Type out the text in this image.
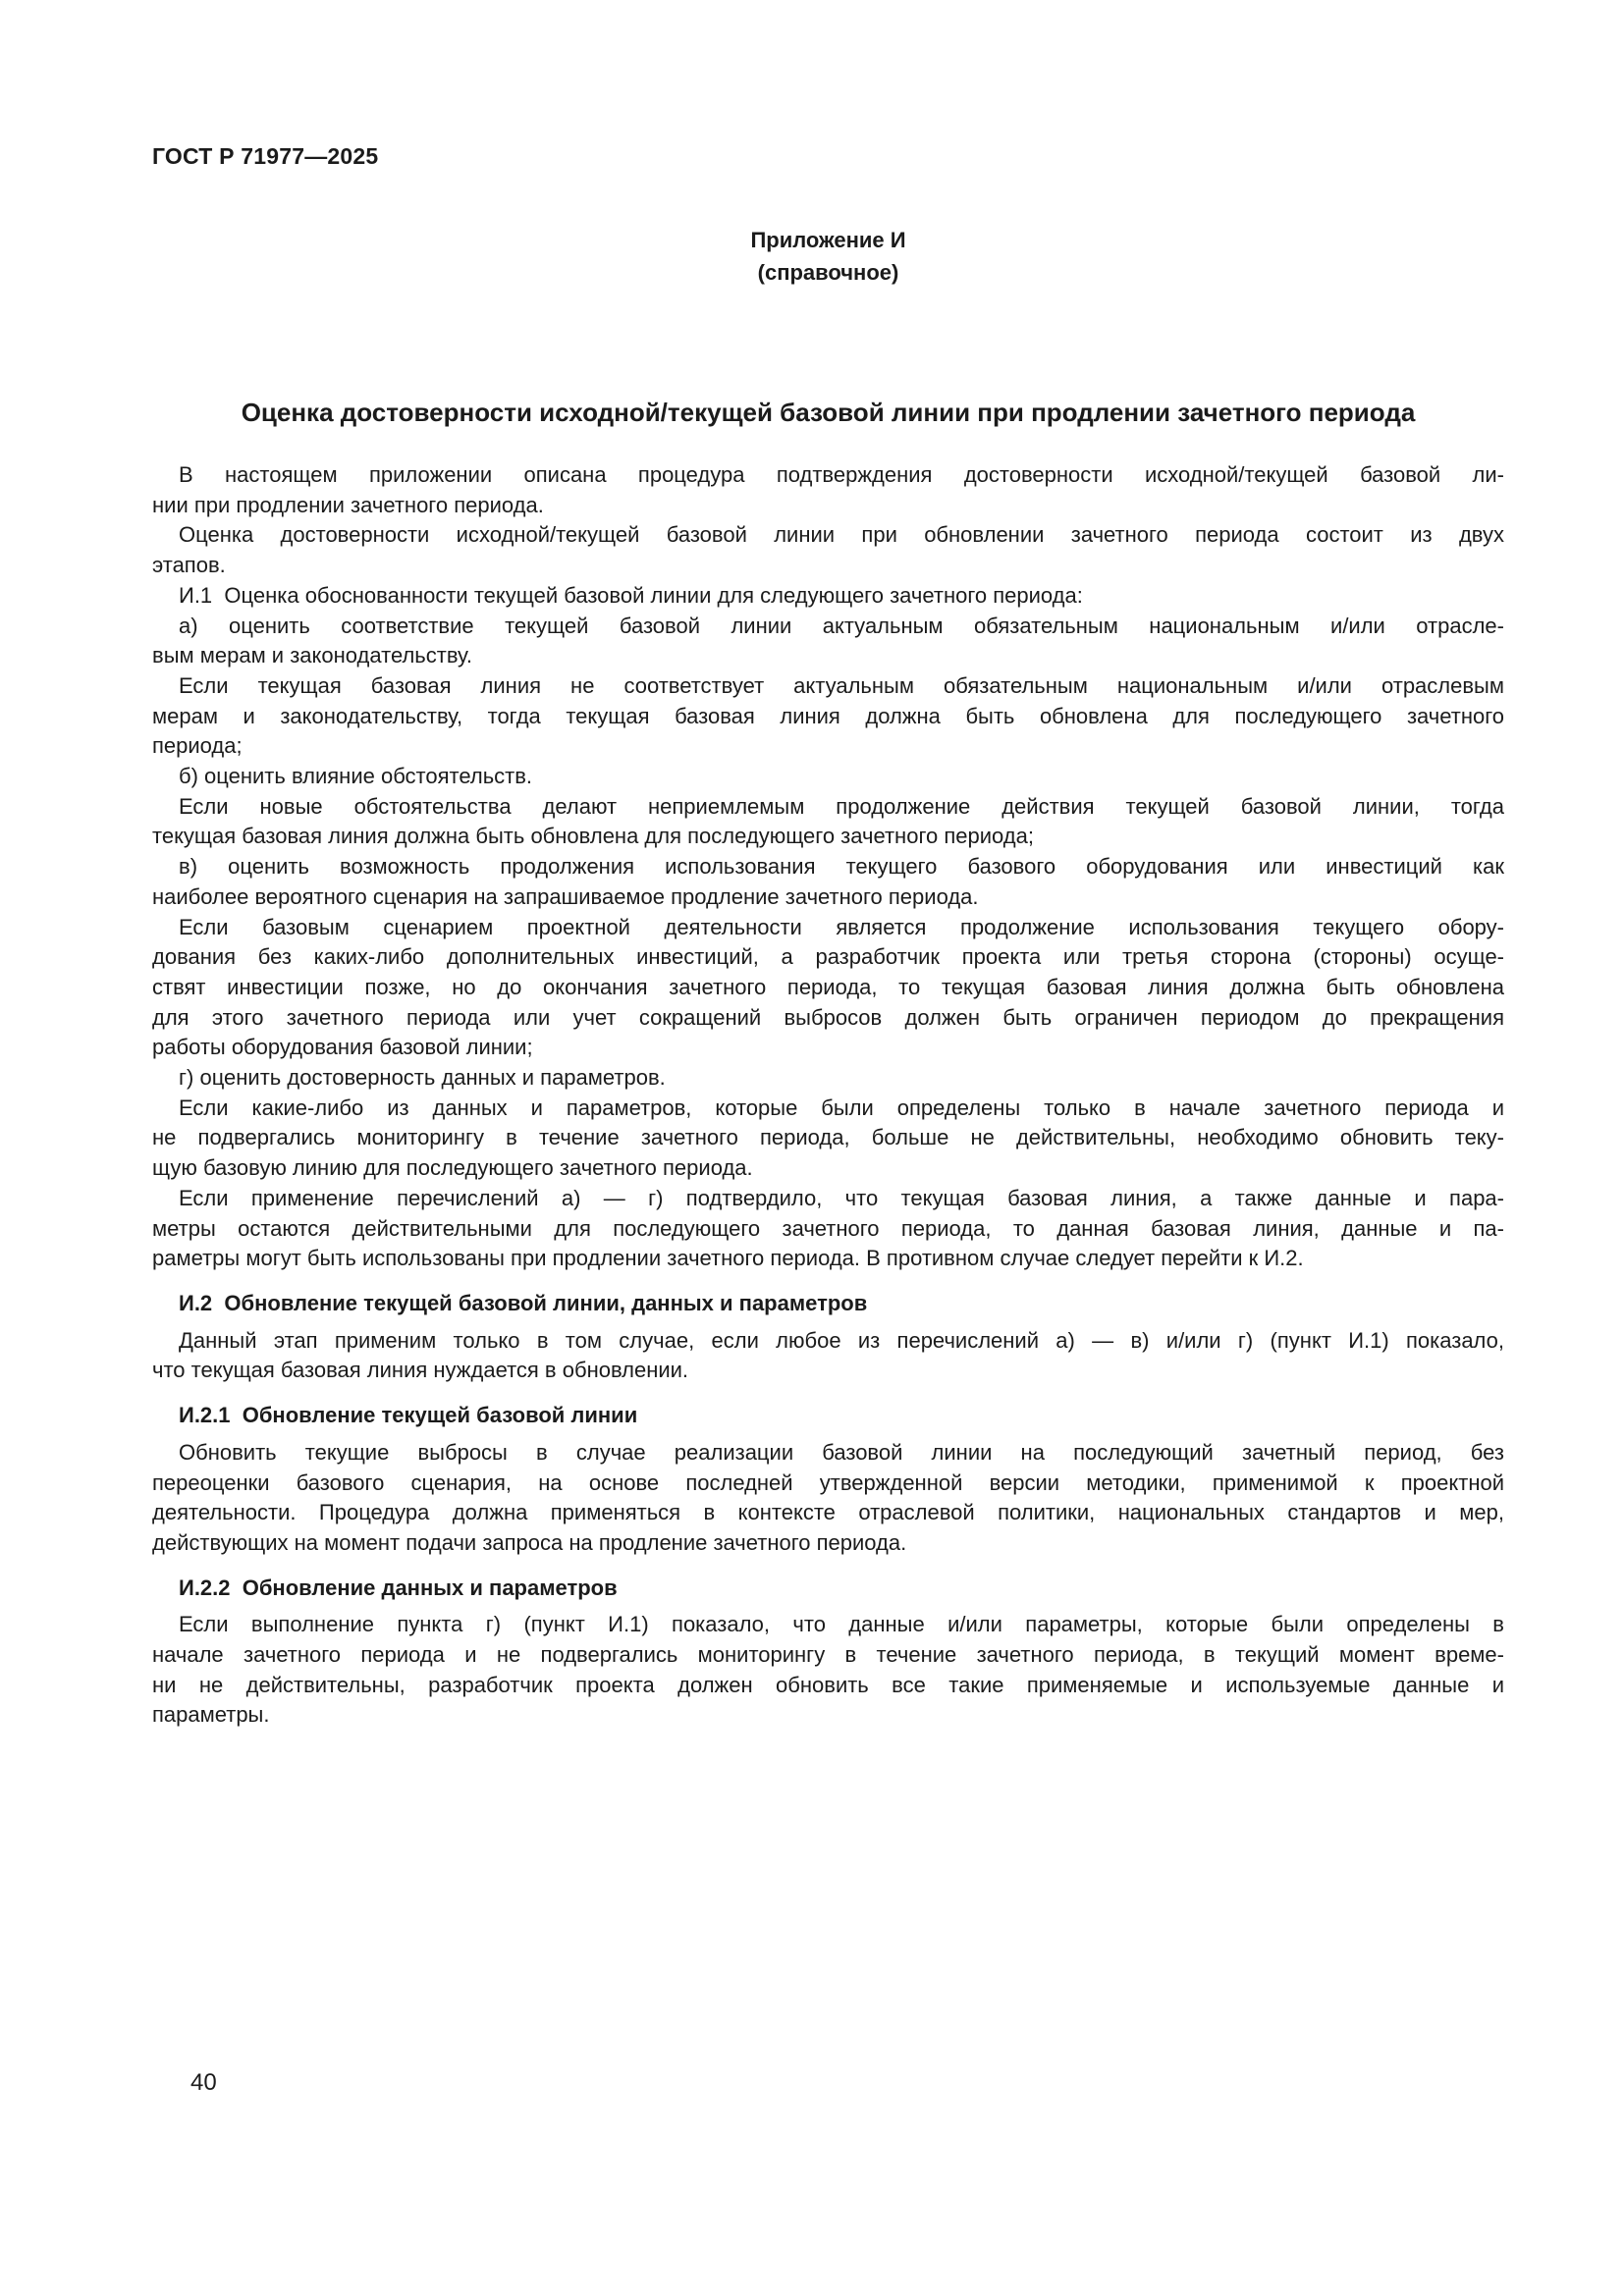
ГОСТ Р 71977—2025
Приложение И
(справочное)
Оценка достоверности исходной/текущей базовой линии при продлении зачетного периода
В настоящем приложении описана процедура подтверждения достоверности исходной/текущей базовой ли-
нии при продлении зачетного периода.
Оценка достоверности исходной/текущей базовой линии при обновлении зачетного периода состоит из двух
этапов.
И.1  Оценка обоснованности текущей базовой линии для следующего зачетного периода:
а) оценить соответствие текущей базовой линии актуальным обязательным национальным и/или отрасле-
вым мерам и законодательству.
Если текущая базовая линия не соответствует актуальным обязательным национальным и/или отраслевым
мерам и законодательству, тогда текущая базовая линия должна быть обновлена для последующего зачетного
периода;
б) оценить влияние обстоятельств.
Если новые обстоятельства делают неприемлемым продолжение действия текущей базовой линии, тогда
текущая базовая линия должна быть обновлена для последующего зачетного периода;
в) оценить возможность продолжения использования текущего базового оборудования или инвестиций как
наиболее вероятного сценария на запрашиваемое продление зачетного периода.
Если базовым сценарием проектной деятельности является продолжение использования текущего обору-
дования без каких-либо дополнительных инвестиций, а разработчик проекта или третья сторона (стороны) осуще-
ствят инвестиции позже, но до окончания зачетного периода, то текущая базовая линия должна быть обновлена
для этого зачетного периода или учет сокращений выбросов должен быть ограничен периодом до прекращения
работы оборудования базовой линии;
г) оценить достоверность данных и параметров.
Если какие-либо из данных и параметров, которые были определены только в начале зачетного периода и
не подвергались мониторингу в течение зачетного периода, больше не действительны, необходимо обновить теку-
щую базовую линию для последующего зачетного периода.
Если применение перечислений а) — г) подтвердило, что текущая базовая линия, а также данные и пара-
метры остаются действительными для последующего зачетного периода, то данная базовая линия, данные и па-
раметры могут быть использованы при продлении зачетного периода. В противном случае следует перейти к И.2.
И.2  Обновление текущей базовой линии, данных и параметров
Данный этап применим только в том случае, если любое из перечислений а) — в) и/или г) (пункт И.1) показало,
что текущая базовая линия нуждается в обновлении.
И.2.1  Обновление текущей базовой линии
Обновить текущие выбросы в случае реализации базовой линии на последующий зачетный период, без
переоценки базового сценария, на основе последней утвержденной версии методики, применимой к проектной
деятельности. Процедура должна применяться в контексте отраслевой политики, национальных стандартов и мер,
действующих на момент подачи запроса на продление зачетного периода.
И.2.2  Обновление данных и параметров
Если выполнение пункта г) (пункт И.1) показало, что данные и/или параметры, которые были определены в
начале зачетного периода и не подвергались мониторингу в течение зачетного периода, в текущий момент време-
ни не действительны, разработчик проекта должен обновить все такие применяемые и используемые данные и
параметры.
40
